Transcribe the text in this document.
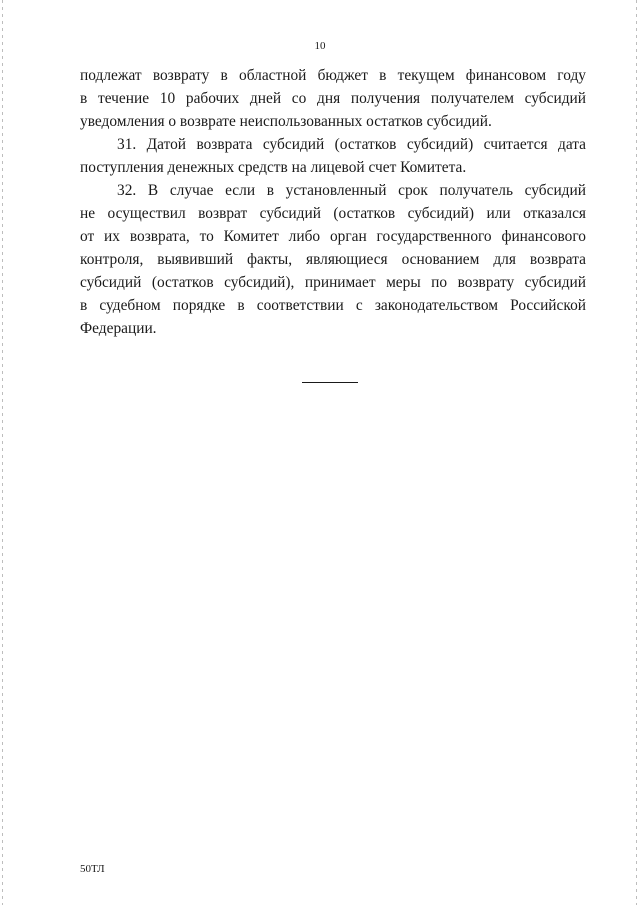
10

подлежат возврату в областной бюджет в текущем финансовом году
в течение 10 рабочих дней со дня получения получателем субсидий
уведомления о возврате неиспользованных остатков субсидий.

31. Датой возврата субсидий (остатков субсидий) считается дата
поступления денежных средств на лицевой счет Комитета.

32. В случае если в установленный срок получатель субсидий
не осуществил возврат субсидий (остатков субсидий) или отказался
от их возврата, то Комитет либо орган государственного финансового
контроля, выявивший факты, являющиеся основанием для возврата
субсидий (остатков субсидий), принимает меры по возврату субсидий
в судебном порядке в соответствии с законодательством Российской
Федерации.

50ТЛ
